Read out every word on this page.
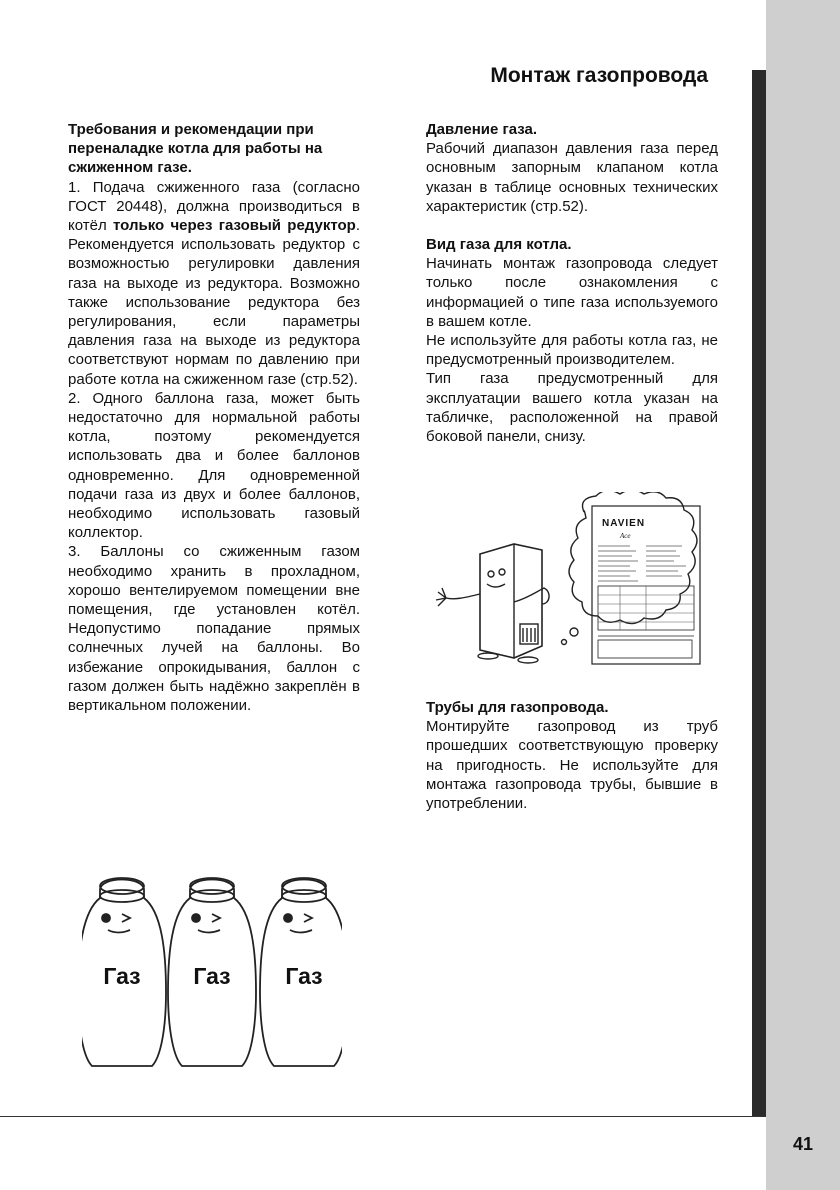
Монтаж газопровода
Требования и рекомендации при переналадке котла для работы на сжиженном газе.

1. Подача сжиженного газа (согласно ГОСТ 20448), должна производиться в котёл только через газовый редуктор. Рекомендуется использовать редуктор с возможностью регулировки давления газа на выходе из редуктора. Возможно также использование редуктора без регулирования, если параметры давления газа на выходе из редуктора соответствуют нормам по давлению при работе котла на сжиженном газе (стр.52).

2. Одного баллона газа, может быть недостаточно для нормальной работы котла, поэтому рекомендуется использовать два и более баллонов одновременно. Для одновременной подачи газа из двух и более баллонов, необходимо использовать газовый коллектор.

3. Баллоны со сжиженным газом необходимо хранить в прохладном, хорошо вентелируемом помещении вне помещения, где установлен котёл. Недопустимо попадание прямых солнечных лучей на баллоны. Во избежание опрокидывания, баллон с газом должен быть надёжно закреплён в вертикальном положении.

Давление газа.

Рабочий диапазон давления газа перед основным запорным клапаном котла указан в таблице основных технических характеристик (стр.52).

Вид газа для котла.

Начинать монтаж газопровода следует только после ознакомления с информацией о типе газа используемого в вашем котле.

Не используйте для работы котла газ, не предусмотренный производителем.

Тип газа предусмотренный для эксплуатации вашего котла указан на табличке, расположенной на правой боковой панели, снизу.

Трубы для газопровода.

Монтируйте газопровод из труб прошедших соответствующую проверку на пригодность. Не используйте для монтажа газопровода трубы, бывшие в употреблении.

NAVIEN
Ace
Газ Газ Газ
41
